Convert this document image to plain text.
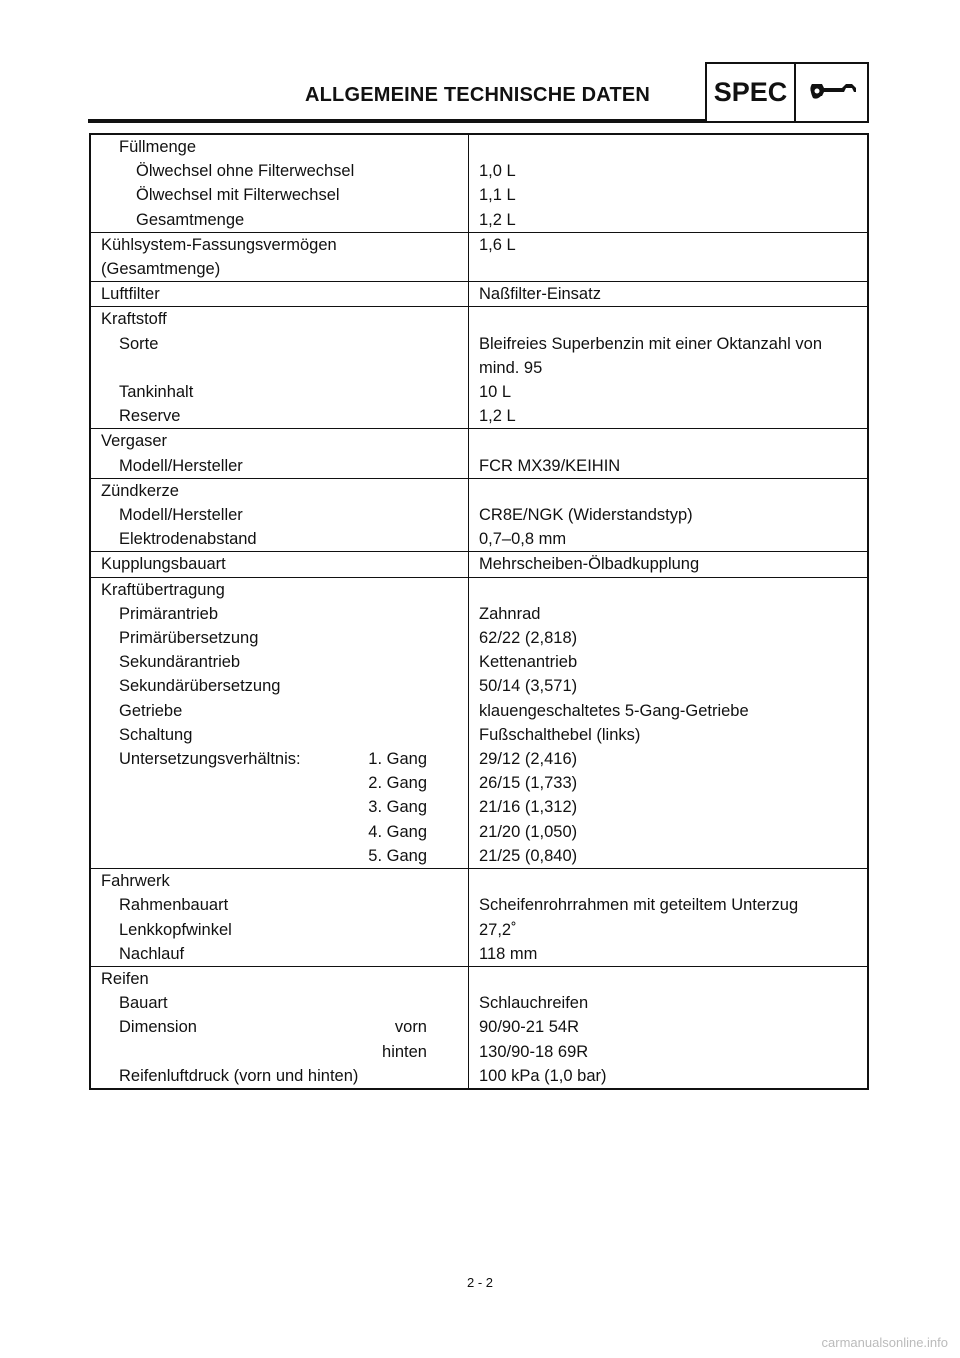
ALLGEMEINE TECHNISCHE DATEN SPEC
Füllmenge
Ölwechsel ohne Filterwechsel	1,0 L
Ölwechsel mit Filterwechsel	1,1 L
Gesamtmenge	1,2 L
Kühlsystem-Fassungsvermögen	1,6 L
(Gesamtmenge)
Luftfilter	Naßfilter-Einsatz
Kraftstoff
Sorte	Bleifreies Superbenzin mit einer Oktanzahl von
mind. 95
Tankinhalt	10 L
Reserve	1,2 L
Vergaser
Modell/Hersteller	FCR MX39/KEIHIN
Zündkerze
Modell/Hersteller	CR8E/NGK (Widerstandstyp)
Elektrodenabstand	0,7–0,8 mm
Kupplungsbauart	Mehrscheiben-Ölbadkupplung
Kraftübertragung
Primärantrieb	Zahnrad
Primärübersetzung	62/22 (2,818)
Sekundärantrieb	Kettenantrieb
Sekundärübersetzung	50/14 (3,571)
Getriebe	klauengeschaltetes 5-Gang-Getriebe
Schaltung	Fußschalthebel (links)
Untersetzungsverhältnis:	1. Gang	29/12 (2,416)
2. Gang	26/15 (1,733)
3. Gang	21/16 (1,312)
4. Gang	21/20 (1,050)
5. Gang	21/25 (0,840)
Fahrwerk
Rahmenbauart	Scheifenrohrrahmen mit geteiltem Unterzug
Lenkkopfwinkel	27,2˚
Nachlauf	118 mm
Reifen
Bauart	Schlauchreifen
Dimension	vorn	90/90-21 54R
hinten	130/90-18 69R
Reifenluftdruck (vorn und hinten)	100 kPa (1,0 bar)
2 - 2
carmanualsonline.info
